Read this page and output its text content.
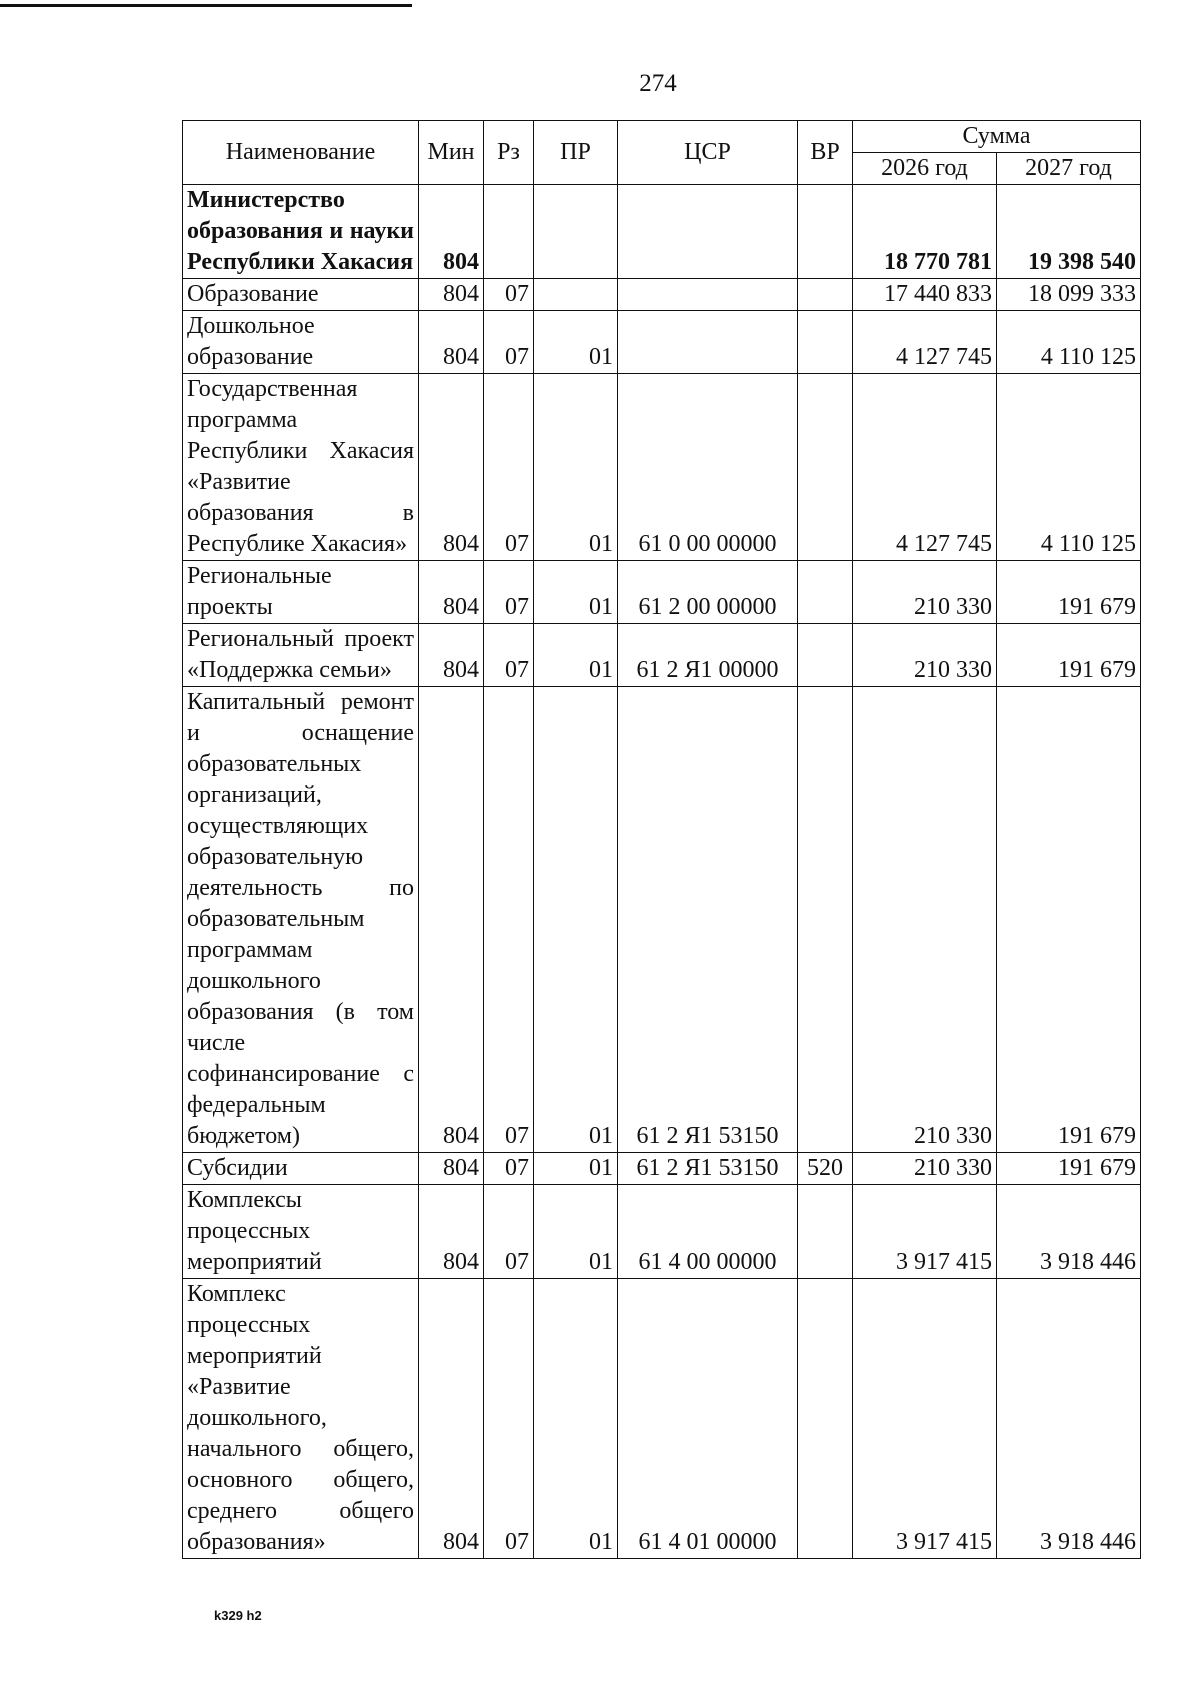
274
Наименование	Мин	Рз	ПР	ЦСР	ВР	Сумма	
						2026 год	2027 год
Министерство образования и науки Республики Хакасия	804					18 770 781	19 398 540
Образование	804	07				17 440 833	18 099 333
Дошкольное образование	804	07	01			4 127 745	4 110 125
Государственная программа Республики Хакасия «Развитие образования в Республике Хакасия»	804	07	01	61 0 00 00000		4 127 745	4 110 125
Региональные проекты	804	07	01	61 2 00 00000		210 330	191 679
Региональный проект «Поддержка семьи»	804	07	01	61 2 Я1 00000		210 330	191 679
Капитальный ремонт и оснащение образовательных организаций, осуществляющих образовательную деятельность по образовательным программам дошкольного образования (в том числе софинансирование с федеральным бюджетом)	804	07	01	61 2 Я1 53150		210 330	191 679
Субсидии	804	07	01	61 2 Я1 53150	520	210 330	191 679
Комплексы процессных мероприятий	804	07	01	61 4 00 00000		3 917 415	3 918 446
Комплекс процессных мероприятий «Развитие дошкольного, начального общего, основного общего, среднего общего образования»	804	07	01	61 4 01 00000		3 917 415	3 918 446
k329 h2
